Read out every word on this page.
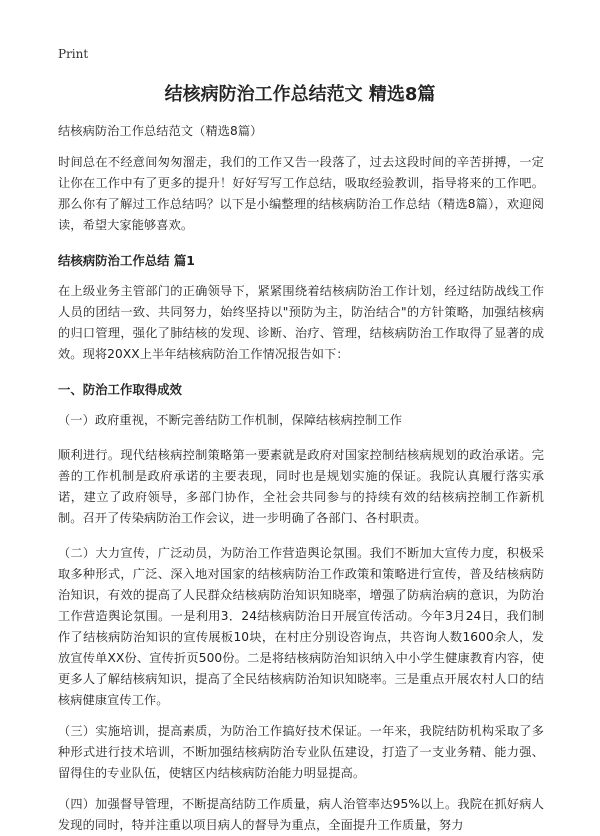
Print
结核病防治工作总结范文 精选8篇

结核病防治工作总结范文（精选8篇）

时间总在不经意间匆匆溜走，我们的工作又告一段落了，过去这段时间的辛苦拼搏，一定让你在工作中有了更多的提升！好好写写工作总结，吸取经验教训，指导将来的工作吧。那么你有了解过工作总结吗？以下是小编整理的结核病防治工作总结（精选8篇），欢迎阅读，希望大家能够喜欢。

结核病防治工作总结 篇1

在上级业务主管部门的正确领导下，紧紧围绕着结核病防治工作计划，经过结防战线工作人员的团结一致、共同努力，始终坚持以"预防为主，防治结合"的方针策略，加强结核病的归口管理，强化了肺结核的发现、诊断、治疗、管理，结核病防治工作取得了显著的成效。现将20XX上半年结核病防治工作情况报告如下：

一、防治工作取得成效

（一）政府重视，不断完善结防工作机制，保障结核病控制工作

顺利进行。现代结核病控制策略第一要素就是政府对国家控制结核病规划的政治承诺。完善的工作机制是政府承诺的主要表现，同时也是规划实施的保证。我院认真履行落实承诺，建立了政府领导，多部门协作，全社会共同参与的持续有效的结核病控制工作新机制。召开了传染病防治工作会议，进一步明确了各部门、各村职责。

（二）大力宣传，广泛动员，为防治工作营造舆论氛围。我们不断加大宣传力度，积极采取多种形式，广泛、深入地对国家的结核病防治工作政策和策略进行宣传，普及结核病防治知识，有效的提高了人民群众结核病防治知识知晓率，增强了防病治病的意识，为防治工作营造舆论氛围。一是利用3．24结核病防治日开展宣传活动。今年3月24日，我们制作了结核病防治知识的宣传展板10块，在村庄分别设咨询点，共咨询人数1600余人，发放宣传单XX份、宣传折页500份。二是将结核病防治知识纳入中小学生健康教育内容，使更多人了解结核病知识，提高了全民结核病防治知识知晓率。三是重点开展农村人口的结核病健康宣传工作。

（三）实施培训，提高素质，为防治工作搞好技术保证。一年来，我院结防机构采取了多种形式进行技术培训，不断加强结核病防治专业队伍建设，打造了一支业务精、能力强、留得住的专业队伍，使辖区内结核病防治能力明显提高。

（四）加强督导管理，不断提高结防工作质量，病人治管率达95%以上。我院在抓好病人发现的同时，特并注重以项目病人的督导为重点，全面提升工作质量，努力
